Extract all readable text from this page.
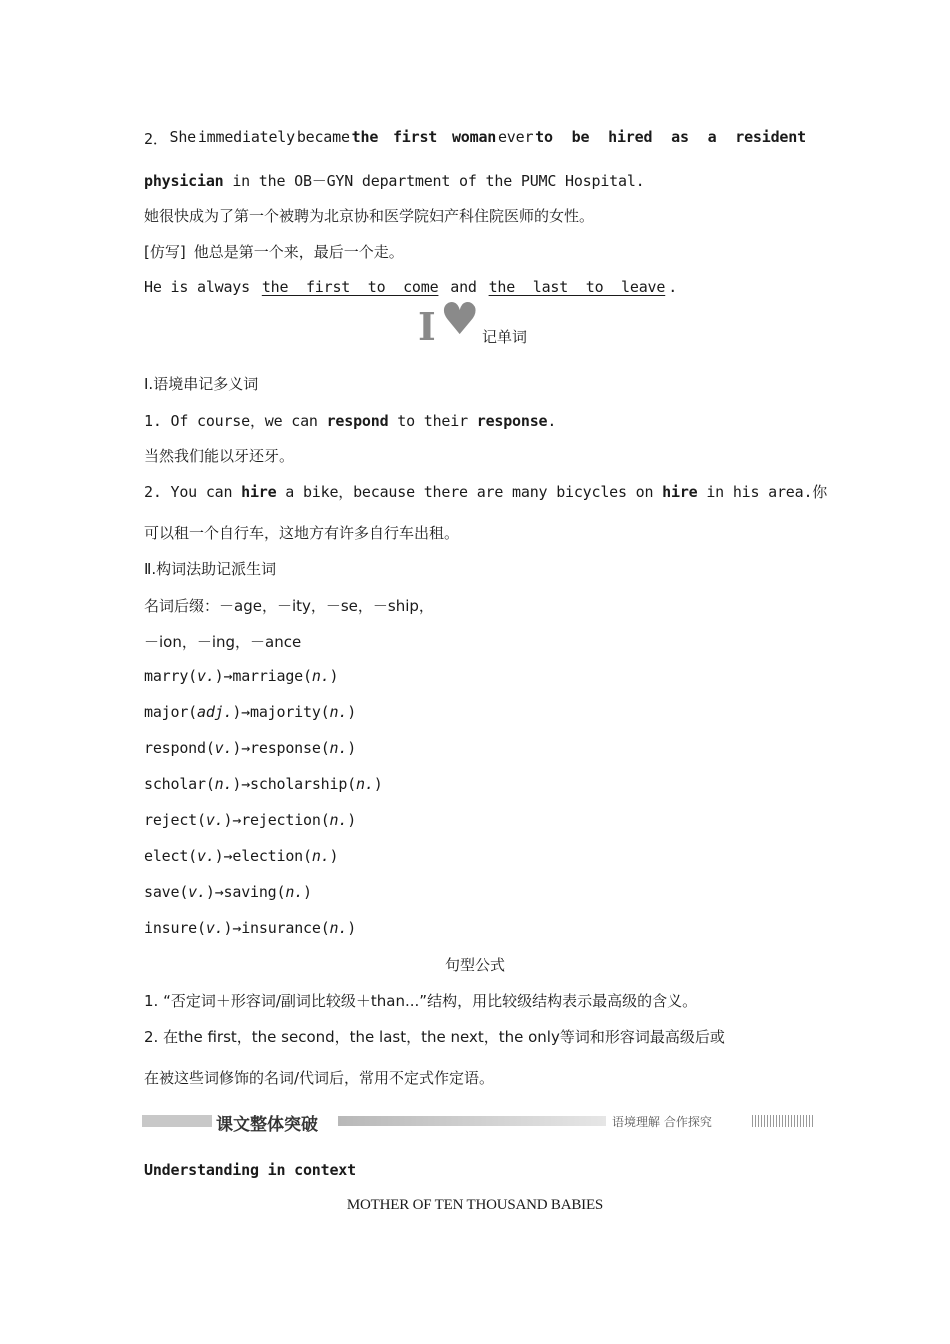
2． She immediately became the first woman ever to be hired as a resident
physician in the OB－GYN department of the PUMC Hospital.
她很快成为了第一个被聘为北京协和医学院妇产科住院医师的女性。
[仿写] 他总是第一个来，最后一个走。
He is always the  first  to  come and the  last  to  leave .
I ♥ 记单词
Ⅰ.语境串记多义词
1. Of course，we can respond to their response.
当然我们能以牙还牙。
2. You can hire a bike，because there are many bicycles on hire in his area.你
可以租一个自行车，这地方有许多自行车出租。
Ⅱ.构词法助记派生词
名词后缀：－age，－ity，－se，－ship，
－ion，－ing，－ance
marry(v.)→marriage(n.)
major(adj.)→majority(n.)
respond(v.)→response(n.)
scholar(n.)→scholarship(n.)
reject(v.)→rejection(n.)
elect(v.)→election(n.)
save(v.)→saving(n.)
insure(v.)→insurance(n.)
句型公式
1. “否定词＋形容词/副词比较级＋than...”结构，用比较级结构表示最高级的含义。
2. 在the first，the second，the last，the next，the only等词和形容词最高级后或
在被这些词修饰的名词/代词后，常用不定式作定语。
课文整体突破	语境理解 合作探究
Understanding in context
MOTHER OF TEN THOUSAND BABIES
